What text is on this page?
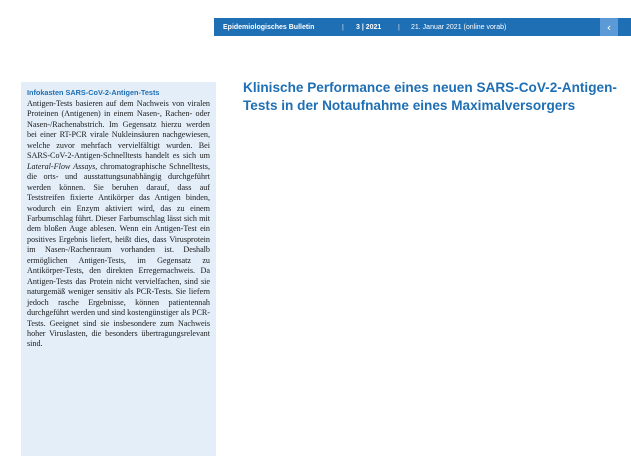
Epidemiologisches Bulletin	| 3 | 2021 | 21. Januar 2021 (online vorab)	‹
Infokasten SARS-CoV-2-Antigen-Tests
Antigen-Tests basieren auf dem Nachweis von viralen Proteinen (Antigenen) in einem Nasen-, Rachen- oder Nasen-/Rachenabstrich. Im Gegensatz hierzu werden bei einer RT-PCR virale Nukleinsäuren nachgewiesen, welche zuvor mehrfach vervielfältigt wurden. Bei SARS-CoV-2-Antigen-Schnelltests handelt es sich um Lateral-Flow Assays, chromatographische Schnelltests, die orts- und ausstattungsunabhängig durchgeführt werden können. Sie beruhen darauf, dass auf Teststreifen fixierte Antikörper das Antigen binden, wodurch ein Enzym aktiviert wird, das zu einem Farbumschlag führt. Dieser Farbumschlag lässt sich mit dem bloßen Auge ablesen. Wenn ein Antigen-Test ein positives Ergebnis liefert, heißt dies, dass Virusprotein im Nasen-/Rachenraum vorhanden ist. Deshalb ermöglichen Antigen-Tests, im Gegensatz zu Antikörper-Tests, den direkten Erregernachweis. Da Antigen-Tests das Protein nicht vervielfachen, sind sie naturgemäß weniger sensitiv als PCR-Tests. Sie liefern jedoch rasche Ergebnisse, können patientennah durchgeführt werden und sind kostengünstiger als PCR-Tests. Geeignet sind sie insbesondere zum Nachweis hoher Viruslasten, die besonders übertragungsrelevant sind.
Klinische Performance eines neuen SARS-CoV-2-Antigen-Tests in der Notaufnahme eines Maximalversorgers
